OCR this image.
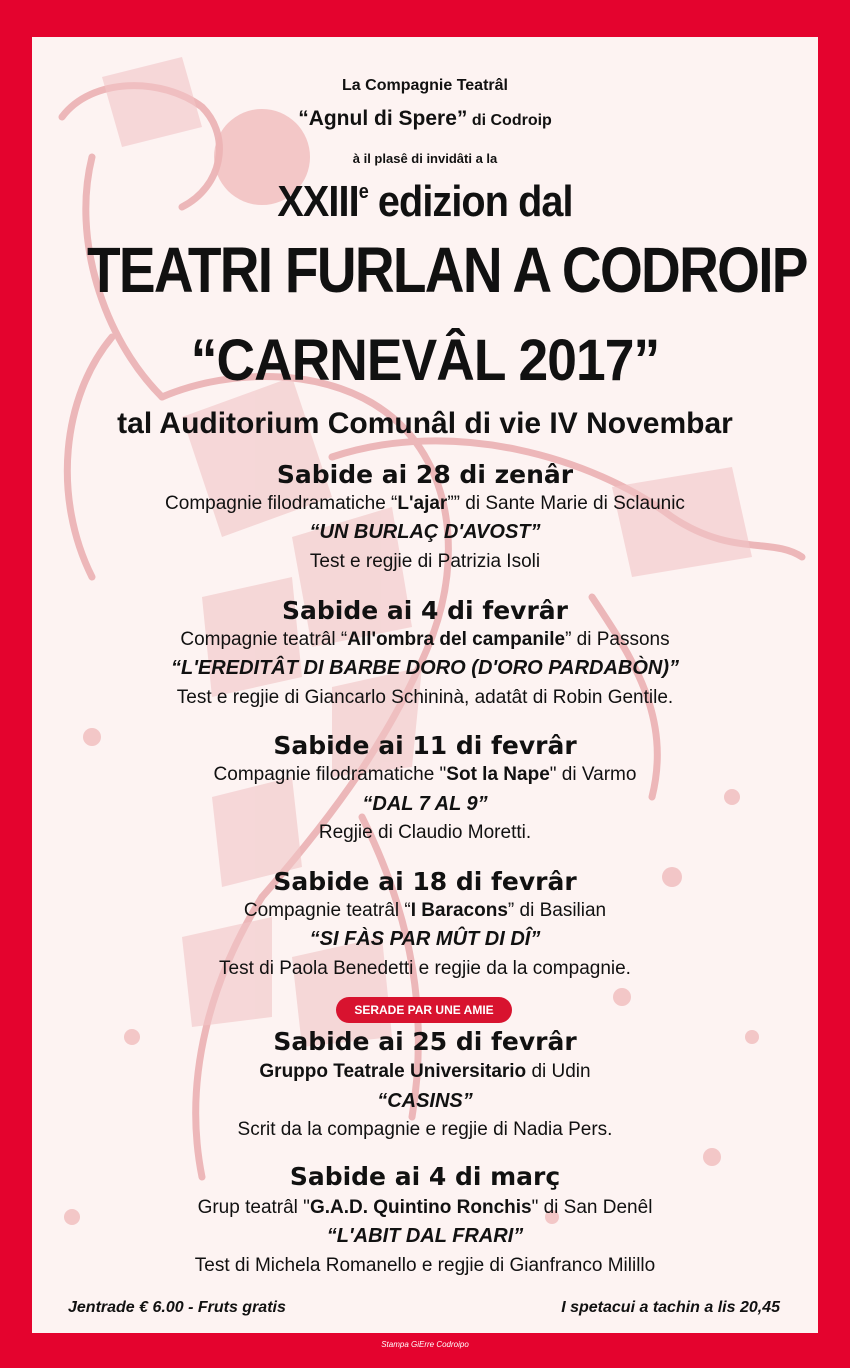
La Compagnie Teatrâl
“Agnul di Spere” di Codroip
à il plasê di invidâti a la
XXIIIe edizion dal
TEATRI FURLAN A CODROIP
“CARNEVÂL 2017”
tal Auditorium Comunâl di vie IV Novembar
Sabide ai 28 di zenâr
Compagnie filodramatiche “L'ajar”” di Sante Marie di Sclaunic
“UN BURLAÇ D'AVOST”
Test e regjie di Patrizia Isoli
Sabide ai 4 di fevrâr
Compagnie teatrâl “All'ombra del campanile” di Passons
“L'EREDITÂT DI BARBE DORO (D'ORO PARDABÒN)”
Test e regjie di Giancarlo Schininà, adatât di Robin Gentile.
Sabide ai 11 di fevrâr
Compagnie filodramatiche "Sot la Nape" di Varmo
“DAL 7 AL 9”
Regjie di Claudio Moretti.
Sabide ai 18 di fevrâr
Compagnie teatrâl “I Baracons” di Basilian
“SI FÀS PAR MÛT DI DÎ”
Test di Paola Benedetti e regjie da la compagnie.
SERADE PAR UNE AMIE
Sabide ai 25 di fevrâr
Gruppo Teatrale Universitario di Udin
“CASINS”
Scrit da la compagnie e regjie di Nadia Pers.
Sabide ai 4 di març
Grup teatrâl "G.A.D. Quintino Ronchis" di San Denêl
“L'ABIT DAL FRARI”
Test di Michela Romanello e regjie di Gianfranco Milillo
Jentrade € 6.00 - Fruts gratis	I spetacui a tachin a lis 20,45
Stampa GiErre Codroipo
